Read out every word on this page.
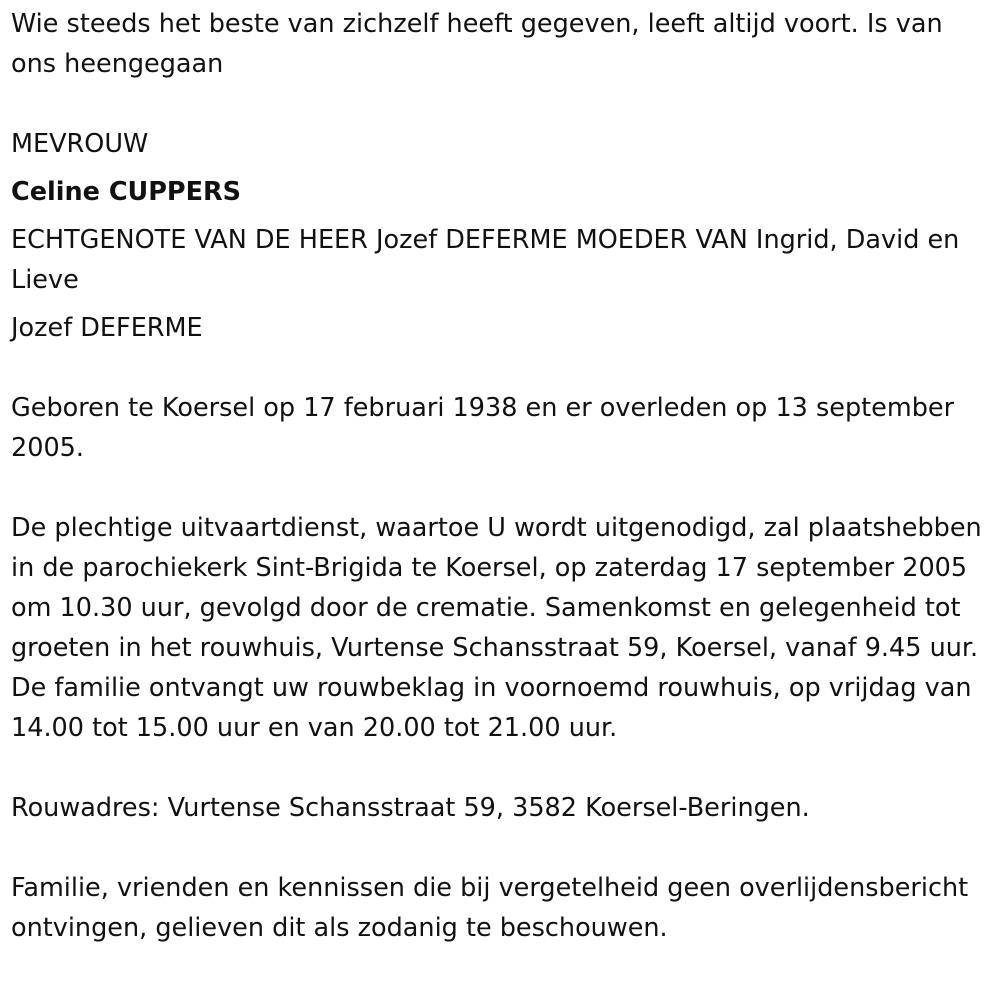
Wie steeds het beste van zichzelf heeft gegeven, leeft altijd voort. Is van ons heengegaan

MEVROUW

Celine CUPPERS

ECHTGENOTE VAN DE HEER Jozef DEFERME MOEDER VAN Ingrid, David en Lieve

Jozef DEFERME

Geboren te Koersel op 17 februari 1938 en er overleden op 13 september 2005.

De plechtige uitvaartdienst, waartoe U wordt uitgenodigd, zal plaatshebben in de parochiekerk Sint-Brigida te Koersel, op zaterdag 17 september 2005 om 10.30 uur, gevolgd door de crematie. Samenkomst en gelegenheid tot groeten in het rouwhuis, Vurtense Schansstraat 59, Koersel, vanaf 9.45 uur. De familie ontvangt uw rouwbeklag in voornoemd rouwhuis, op vrijdag van 14.00 tot 15.00 uur en van 20.00 tot 21.00 uur.

Rouwadres: Vurtense Schansstraat 59, 3582 Koersel-Beringen.

Familie, vrienden en kennissen die bij vergetelheid geen overlijdensbericht ontvingen, gelieven dit als zodanig te beschouwen.
